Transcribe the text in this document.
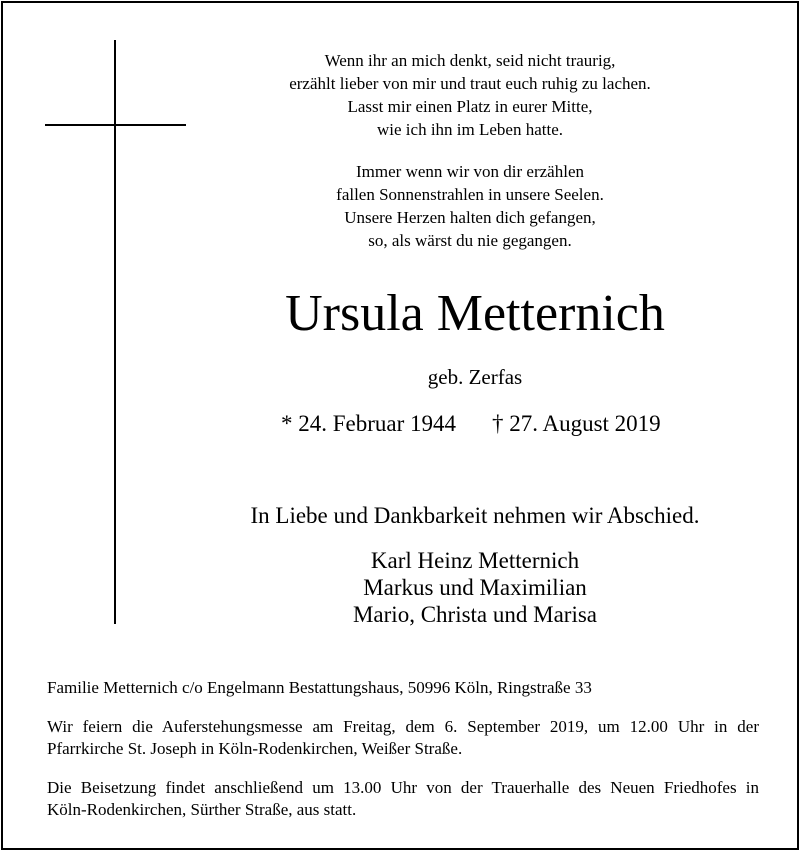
Wenn ihr an mich denkt, seid nicht traurig,
erzählt lieber von mir und traut euch ruhig zu lachen.
Lasst mir einen Platz in eurer Mitte,
wie ich ihn im Leben hatte.
Immer wenn wir von dir erzählen
fallen Sonnenstrahlen in unsere Seelen.
Unsere Herzen halten dich gefangen,
so, als wärst du nie gegangen.
Ursula Metternich
geb. Zerfas
* 24. Februar 1944 † 27. August 2019
In Liebe und Dankbarkeit nehmen wir Abschied.
Karl Heinz Metternich
Markus und Maximilian
Mario, Christa und Marisa
Familie Metternich c/o Engelmann Bestattungshaus, 50996 Köln, Ringstraße 33
Wir feiern die Auferstehungsmesse am Freitag, dem 6. September 2019, um 12.00 Uhr in der
Pfarrkirche St. Joseph in Köln-Rodenkirchen, Weißer Straße.
Die Beisetzung findet anschließend um 13.00 Uhr von der Trauerhalle des Neuen Friedhofes in
Köln-Rodenkirchen, Sürther Straße, aus statt.
